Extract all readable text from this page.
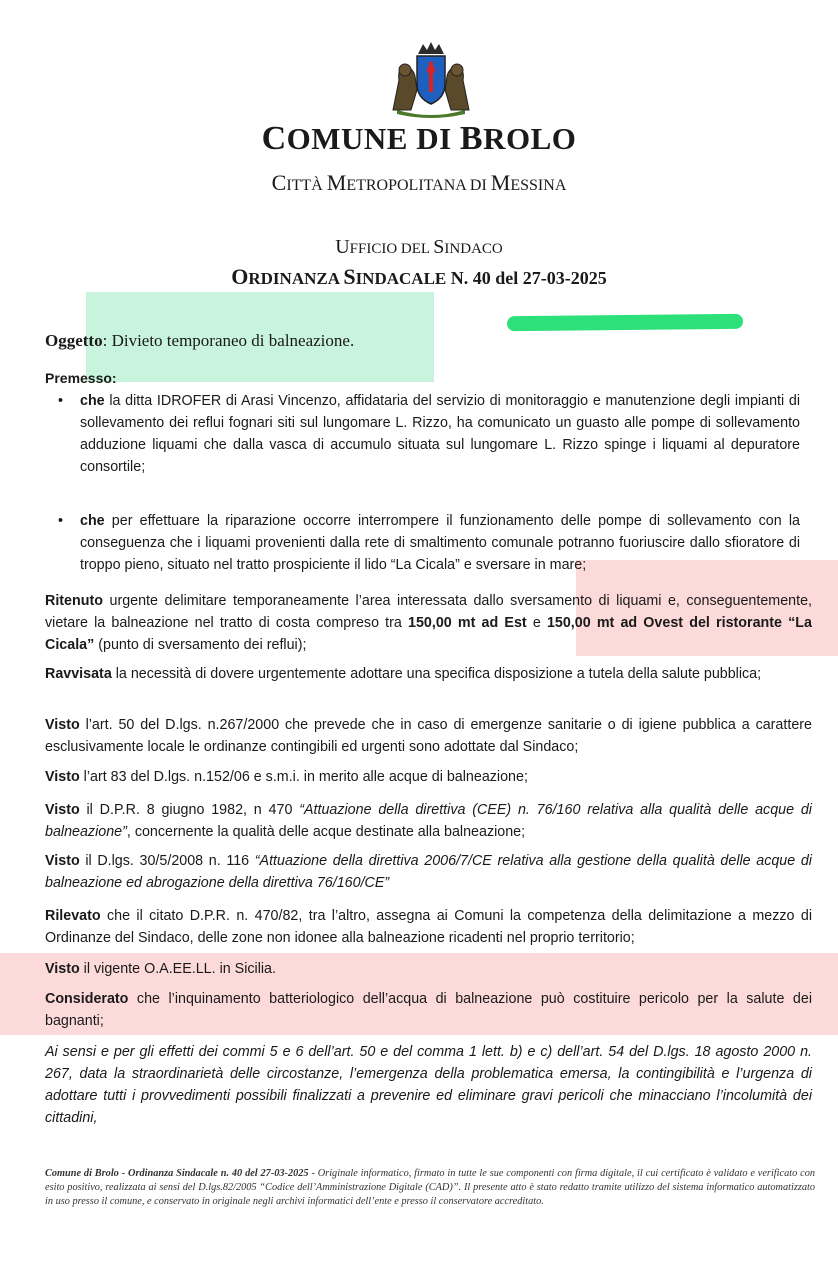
COMUNE DI BROLO
CITTÀ METROPOLITANA DI MESSINA
UFFICIO DEL SINDACO
ORDINANZA SINDACALE N. 40 del 27-03-2025
Oggetto: Divieto temporaneo di balneazione.
Premesso:
• che la ditta IDROFER di Arasi Vincenzo, affidataria del servizio di monitoraggio e manutenzione degli impianti di sollevamento dei reflui fognari siti sul lungomare L. Rizzo, ha comunicato un guasto alle pompe di sollevamento adduzione liquami che dalla vasca di accumulo situata sul lungomare L. Rizzo spinge i liquami al depuratore consortile;
• che per effettuare la riparazione occorre interrompere il funzionamento delle pompe di sollevamento con la conseguenza che i liquami provenienti dalla rete di smaltimento comunale potranno fuoriuscire dallo sfioratore di troppo pieno, situato nel tratto prospiciente il lido “La Cicala” e sversare in mare;
Ritenuto urgente delimitare temporaneamente l’area interessata dallo sversamento di liquami e, conseguentemente, vietare la balneazione nel tratto di costa compreso tra 150,00 mt ad Est e 150,00 mt ad Ovest del ristorante “La Cicala” (punto di sversamento dei reflui);
Ravvisata la necessità di dovere urgentemente adottare una specifica disposizione a tutela della salute pubblica;
Visto l’art. 50 del D.lgs. n.267/2000 che prevede che in caso di emergenze sanitarie o di igiene pubblica a carattere esclusivamente locale le ordinanze contingibili ed urgenti sono adottate dal Sindaco;
Visto l’art 83 del D.lgs. n.152/06 e s.m.i. in merito alle acque di balneazione;
Visto il D.P.R. 8 giugno 1982, n 470 “Attuazione della direttiva (CEE) n. 76/160 relativa alla qualità delle acque di balneazione”, concernente la qualità delle acque destinate alla balneazione;
Visto il D.lgs. 30/5/2008 n. 116 “Attuazione della direttiva 2006/7/CE relativa alla gestione della qualità delle acque di balneazione ed abrogazione della direttiva 76/160/CE”
Rilevato che il citato D.P.R. n. 470/82, tra l’altro, assegna ai Comuni la competenza della delimitazione a mezzo di Ordinanze del Sindaco, delle zone non idonee alla balneazione ricadenti nel proprio territorio;
Visto il vigente O.A.EE.LL. in Sicilia.
Considerato che l’inquinamento batteriologico dell’acqua di balneazione può costituire pericolo per la salute dei bagnanti;
Ai sensi e per gli effetti dei commi 5 e 6 dell’art. 50 e del comma 1 lett. b) e c) dell’art. 54 del D.lgs. 18 agosto 2000 n. 267, data la straordinarietà delle circostanze, l’emergenza della problematica emersa, la contingibilità e l’urgenza di adottare tutti i provvedimenti possibili finalizzati a prevenire ed eliminare gravi pericoli che minacciano l’incolumità dei cittadini,
Comune di Brolo - Ordinanza Sindacale n. 40 del 27-03-2025 - Originale informatico, firmato in tutte le sue componenti con firma digitale, il cui certificato è validato e verificato con esito positivo, realizzata ai sensi del D.lgs.82/2005 “Codice dell’Amministrazione Digitale (CAD)”. Il presente atto è stato redatto tramite utilizzo del sistema informatico automatizzato in uso presso il comune, e conservato in originale negli archivi informatici dell’ente e presso il conservatore accreditato.
